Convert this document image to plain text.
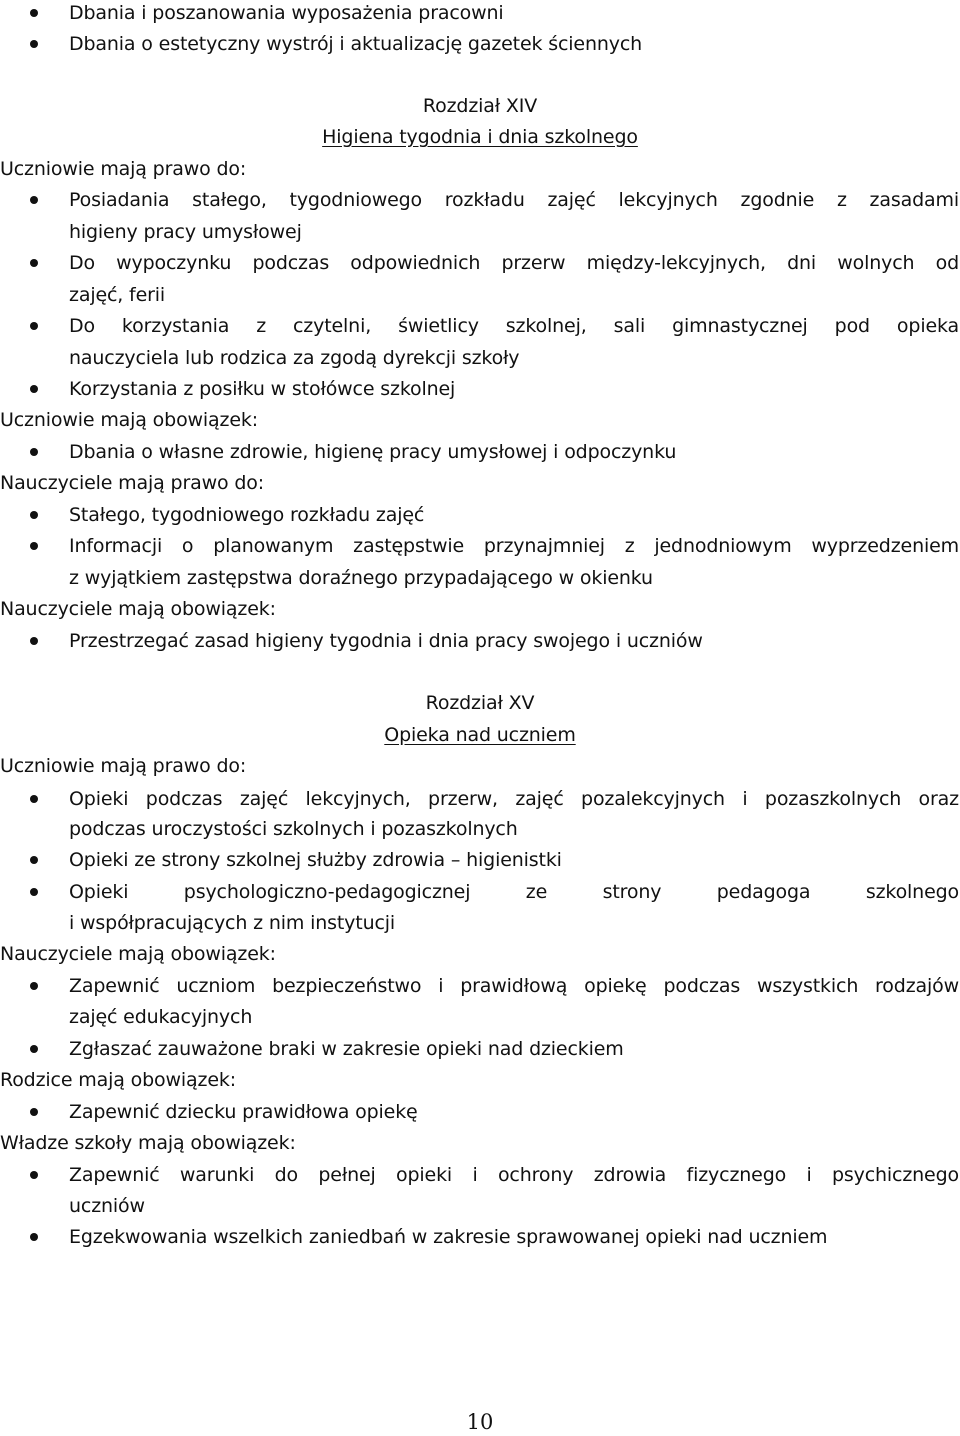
Dbania i poszanowania wyposażenia pracowni
Dbania o estetyczny wystrój i aktualizację gazetek ściennych
Rozdział XIV
Higiena tygodnia i dnia szkolnego
Uczniowie mają prawo do:
Posiadania stałego, tygodniowego rozkładu zajęć lekcyjnych zgodnie z zasadami
higieny pracy umysłowej
Do wypoczynku podczas odpowiednich przerw między-lekcyjnych, dni wolnych od
zajęć, ferii
Do korzystania z czytelni, świetlicy szkolnej, sali gimnastycznej pod opieka
nauczyciela lub rodzica za zgodą dyrekcji szkoły
Korzystania z posiłku w stołówce szkolnej
Uczniowie mają obowiązek:
Dbania o własne zdrowie, higienę pracy umysłowej i odpoczynku
Nauczyciele mają prawo do:
Stałego, tygodniowego rozkładu zajęć
Informacji o planowanym zastępstwie przynajmniej z jednodniowym wyprzedzeniem
z wyjątkiem zastępstwa doraźnego przypadającego w okienku
Nauczyciele mają obowiązek:
Przestrzegać zasad higieny tygodnia i dnia pracy swojego i uczniów
Rozdział XV
Opieka nad uczniem
Uczniowie mają prawo do:
Opieki podczas zajęć lekcyjnych, przerw, zajęć pozalekcyjnych i pozaszkolnych oraz
podczas uroczystości szkolnych i pozaszkolnych
Opieki ze strony szkolnej służby zdrowia – higienistki
Opieki psychologiczno-pedagogicznej ze strony pedagoga szkolnego
i współpracujących z nim instytucji
Nauczyciele mają obowiązek:
Zapewnić uczniom bezpieczeństwo i prawidłową opiekę podczas wszystkich rodzajów
zajęć edukacyjnych
Zgłaszać zauważone braki w zakresie opieki nad dzieckiem
Rodzice mają obowiązek:
Zapewnić dziecku prawidłowa opiekę
Władze szkoły mają obowiązek:
Zapewnić warunki do pełnej opieki i ochrony zdrowia fizycznego i psychicznego
uczniów
Egzekwowania wszelkich zaniedbań w zakresie sprawowanej opieki nad uczniem
10
